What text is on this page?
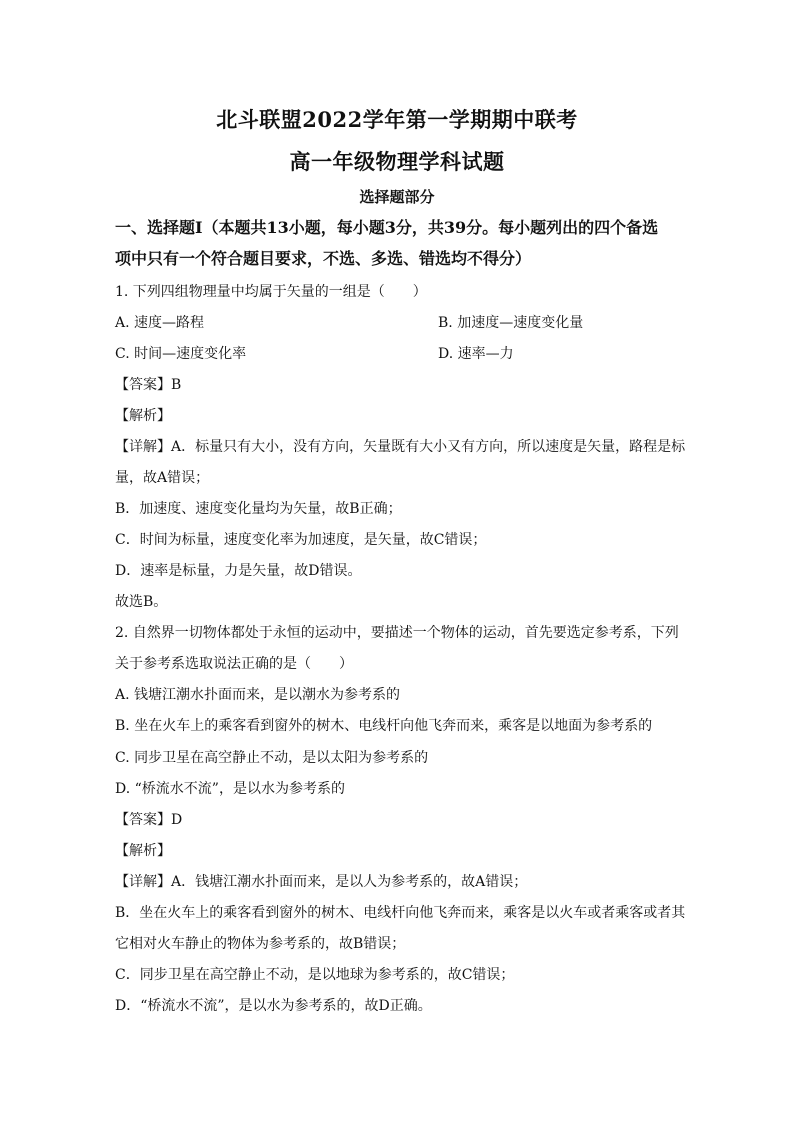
北斗联盟2022学年第一学期期中联考
高一年级物理学科试题
选择题部分
一、选择题Ⅰ（本题共13小题，每小题3分，共39分。每小题列出的四个备选
项中只有一个符合题目要求，不选、多选、错选均不得分）
1. 下列四组物理量中均属于矢量的一组是（　　）
A. 速度—路程	B. 加速度—速度变化量
C. 时间—速度变化率	D. 速率—力
【答案】B
【解析】
【详解】A．标量只有大小，没有方向，矢量既有大小又有方向，所以速度是矢量，路程是标
量，故A错误；
B．加速度、速度变化量均为矢量，故B正确；
C．时间为标量，速度变化率为加速度，是矢量，故C错误；
D．速率是标量，力是矢量，故D错误。
故选B。
2. 自然界一切物体都处于永恒的运动中，要描述一个物体的运动，首先要选定参考系，下列
关于参考系选取说法正确的是（　　）
A. 钱塘江潮水扑面而来，是以潮水为参考系的
B. 坐在火车上的乘客看到窗外的树木、电线杆向他飞奔而来，乘客是以地面为参考系的
C. 同步卫星在高空静止不动，是以太阳为参考系的
D. “桥流水不流”，是以水为参考系的
【答案】D
【解析】
【详解】A．钱塘江潮水扑面而来，是以人为参考系的，故A错误；
B．坐在火车上的乘客看到窗外的树木、电线杆向他飞奔而来，乘客是以火车或者乘客或者其
它相对火车静止的物体为参考系的，故B错误；
C．同步卫星在高空静止不动，是以地球为参考系的，故C错误；
D．“桥流水不流”，是以水为参考系的，故D正确。
